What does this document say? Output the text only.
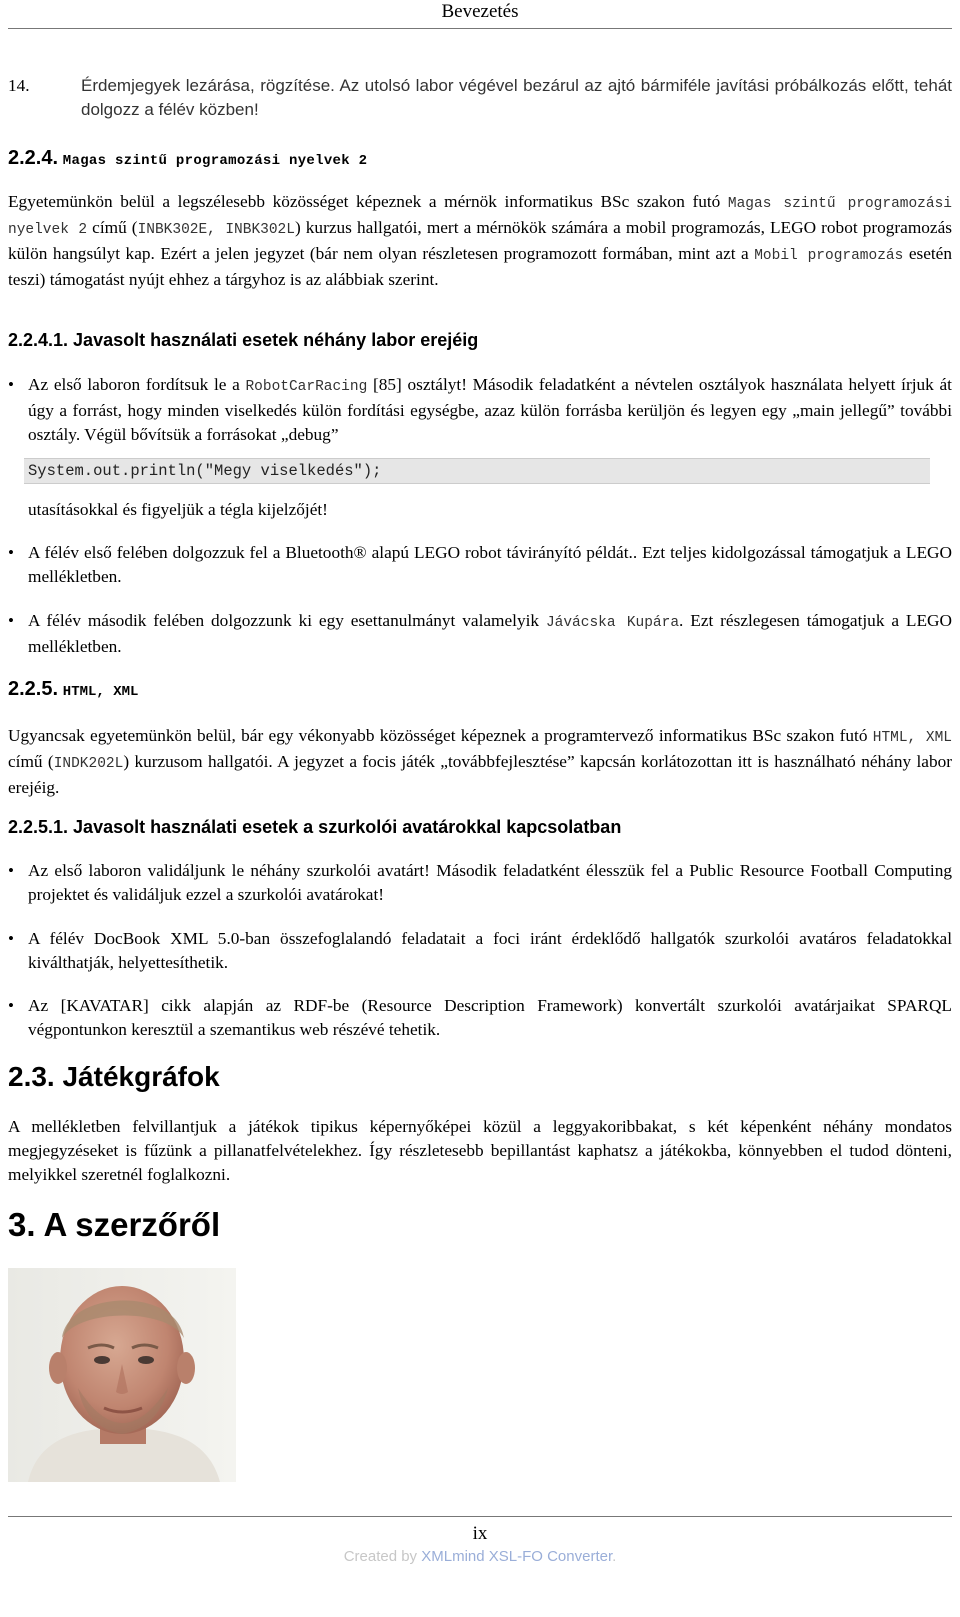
Bevezetés
14.	Érdemjegyek lezárása, rögzítése. Az utolsó labor végével bezárul az ajtó bármiféle javítási próbálkozás előtt, tehát dolgozz a félév közben!
2.2.4. Magas szintű programozási nyelvek 2
Egyetemünkön belül a legszélesebb közösséget képeznek a mérnök informatikus BSc szakon futó Magas szintű programozási nyelvek 2 című (INBK302E, INBK302L) kurzus hallgatói, mert a mérnökök számára a mobil programozás, LEGO robot programozás külön hangsúlyt kap. Ezért a jelen jegyzet (bár nem olyan részletesen programozott formában, mint azt a Mobil programozás esetén teszi) támogatást nyújt ehhez a tárgyhoz is az alábbiak szerint.
2.2.4.1. Javasolt használati esetek néhány labor erejéig
• Az első laboron fordítsuk le a RobotCarRacing [85] osztályt! Második feladatként a névtelen osztályok használata helyett írjuk át úgy a forrást, hogy minden viselkedés külön fordítási egységbe, azaz külön forrásba kerüljön és legyen egy „main jellegű” további osztály. Végül bővítsük a forrásokat „debug”
System.out.println("Megy viselkedés");
utasításokkal és figyeljük a tégla kijelzőjét!
• A félév első felében dolgozzuk fel a Bluetooth® alapú LEGO robot távirányító példát.. Ezt teljes kidolgozással támogatjuk a LEGO mellékletben.
• A félév második felében dolgozzunk ki egy esettanulmányt valamelyik Jávácska Kupára. Ezt részlegesen támogatjuk a LEGO mellékletben.
2.2.5. HTML, XML
Ugyancsak egyetemünkön belül, bár egy vékonyabb közösséget képeznek a programtervező informatikus BSc szakon futó HTML, XML című (INDK202L) kurzusom hallgatói. A jegyzet a focis játék „továbbfejlesztése” kapcsán korlátozottan itt is használható néhány labor erejéig.
2.2.5.1. Javasolt használati esetek a szurkolói avatárokkal kapcsolatban
• Az első laboron validáljunk le néhány szurkolói avatárt! Második feladatként élesszük fel a Public Resource Football Computing projektet és validáljuk ezzel a szurkolói avatárokat!
• A félév DocBook XML 5.0-ban összefoglalandó feladatait a foci iránt érdeklődő hallgatók szurkolói avatáros feladatokkal kiválthatják, helyettesíthetik.
• Az [KAVATAR] cikk alapján az RDF-be (Resource Description Framework) konvertált szurkolói avatárjaikat SPARQL végpontunkon keresztül a szemantikus web részévé tehetik.
2.3. Játékgráfok
A mellékletben felvillantjuk a játékok tipikus képernyőképei közül a leggyakoribbakat, s két képenként néhány mondatos megjegyzéseket is fűzünk a pillanatfelvételekhez. Így részletesebb bepillantást kaphatsz a játékokba, könnyebben el tudod dönteni, melyikkel szeretnél foglalkozni.
3. A szerzőről
ix
Created by XMLmind XSL-FO Converter.
